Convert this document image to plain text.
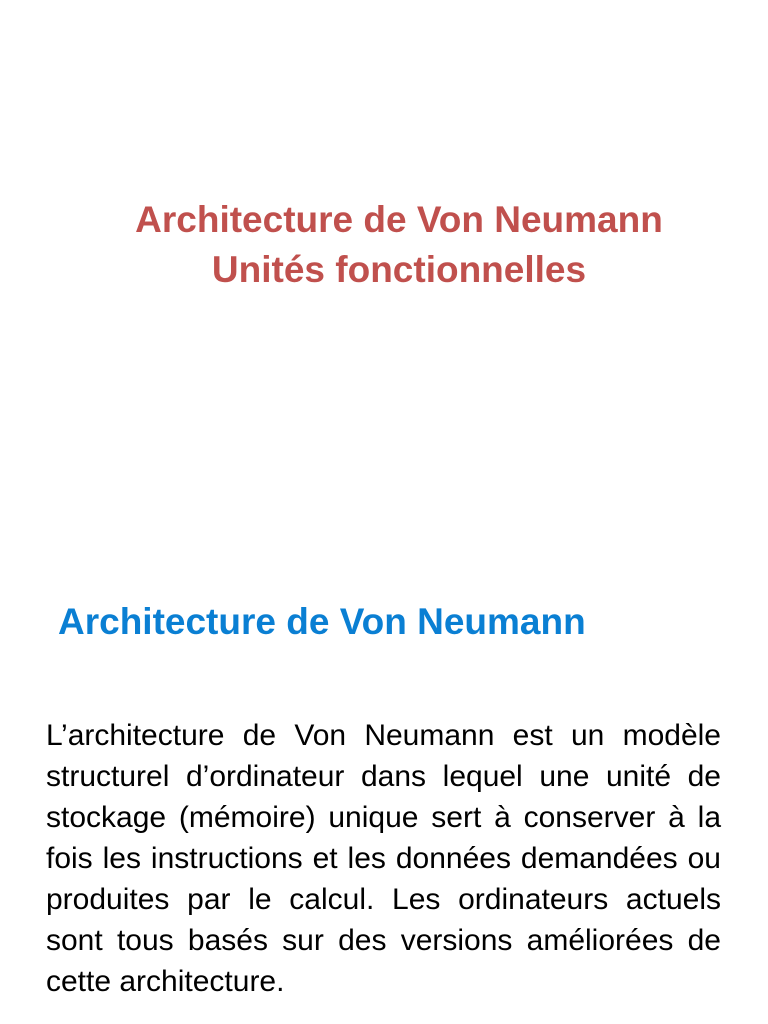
Architecture de Von Neumann
Unités fonctionnelles
Architecture de Von Neumann

L’architecture de Von Neumann est un modèle structurel d’ordinateur dans lequel une unité de stockage (mémoire) unique sert à conserver à la fois les instructions et les données demandées ou produites par le calcul. Les ordinateurs actuels sont tous basés sur des versions améliorées de cette architecture.
